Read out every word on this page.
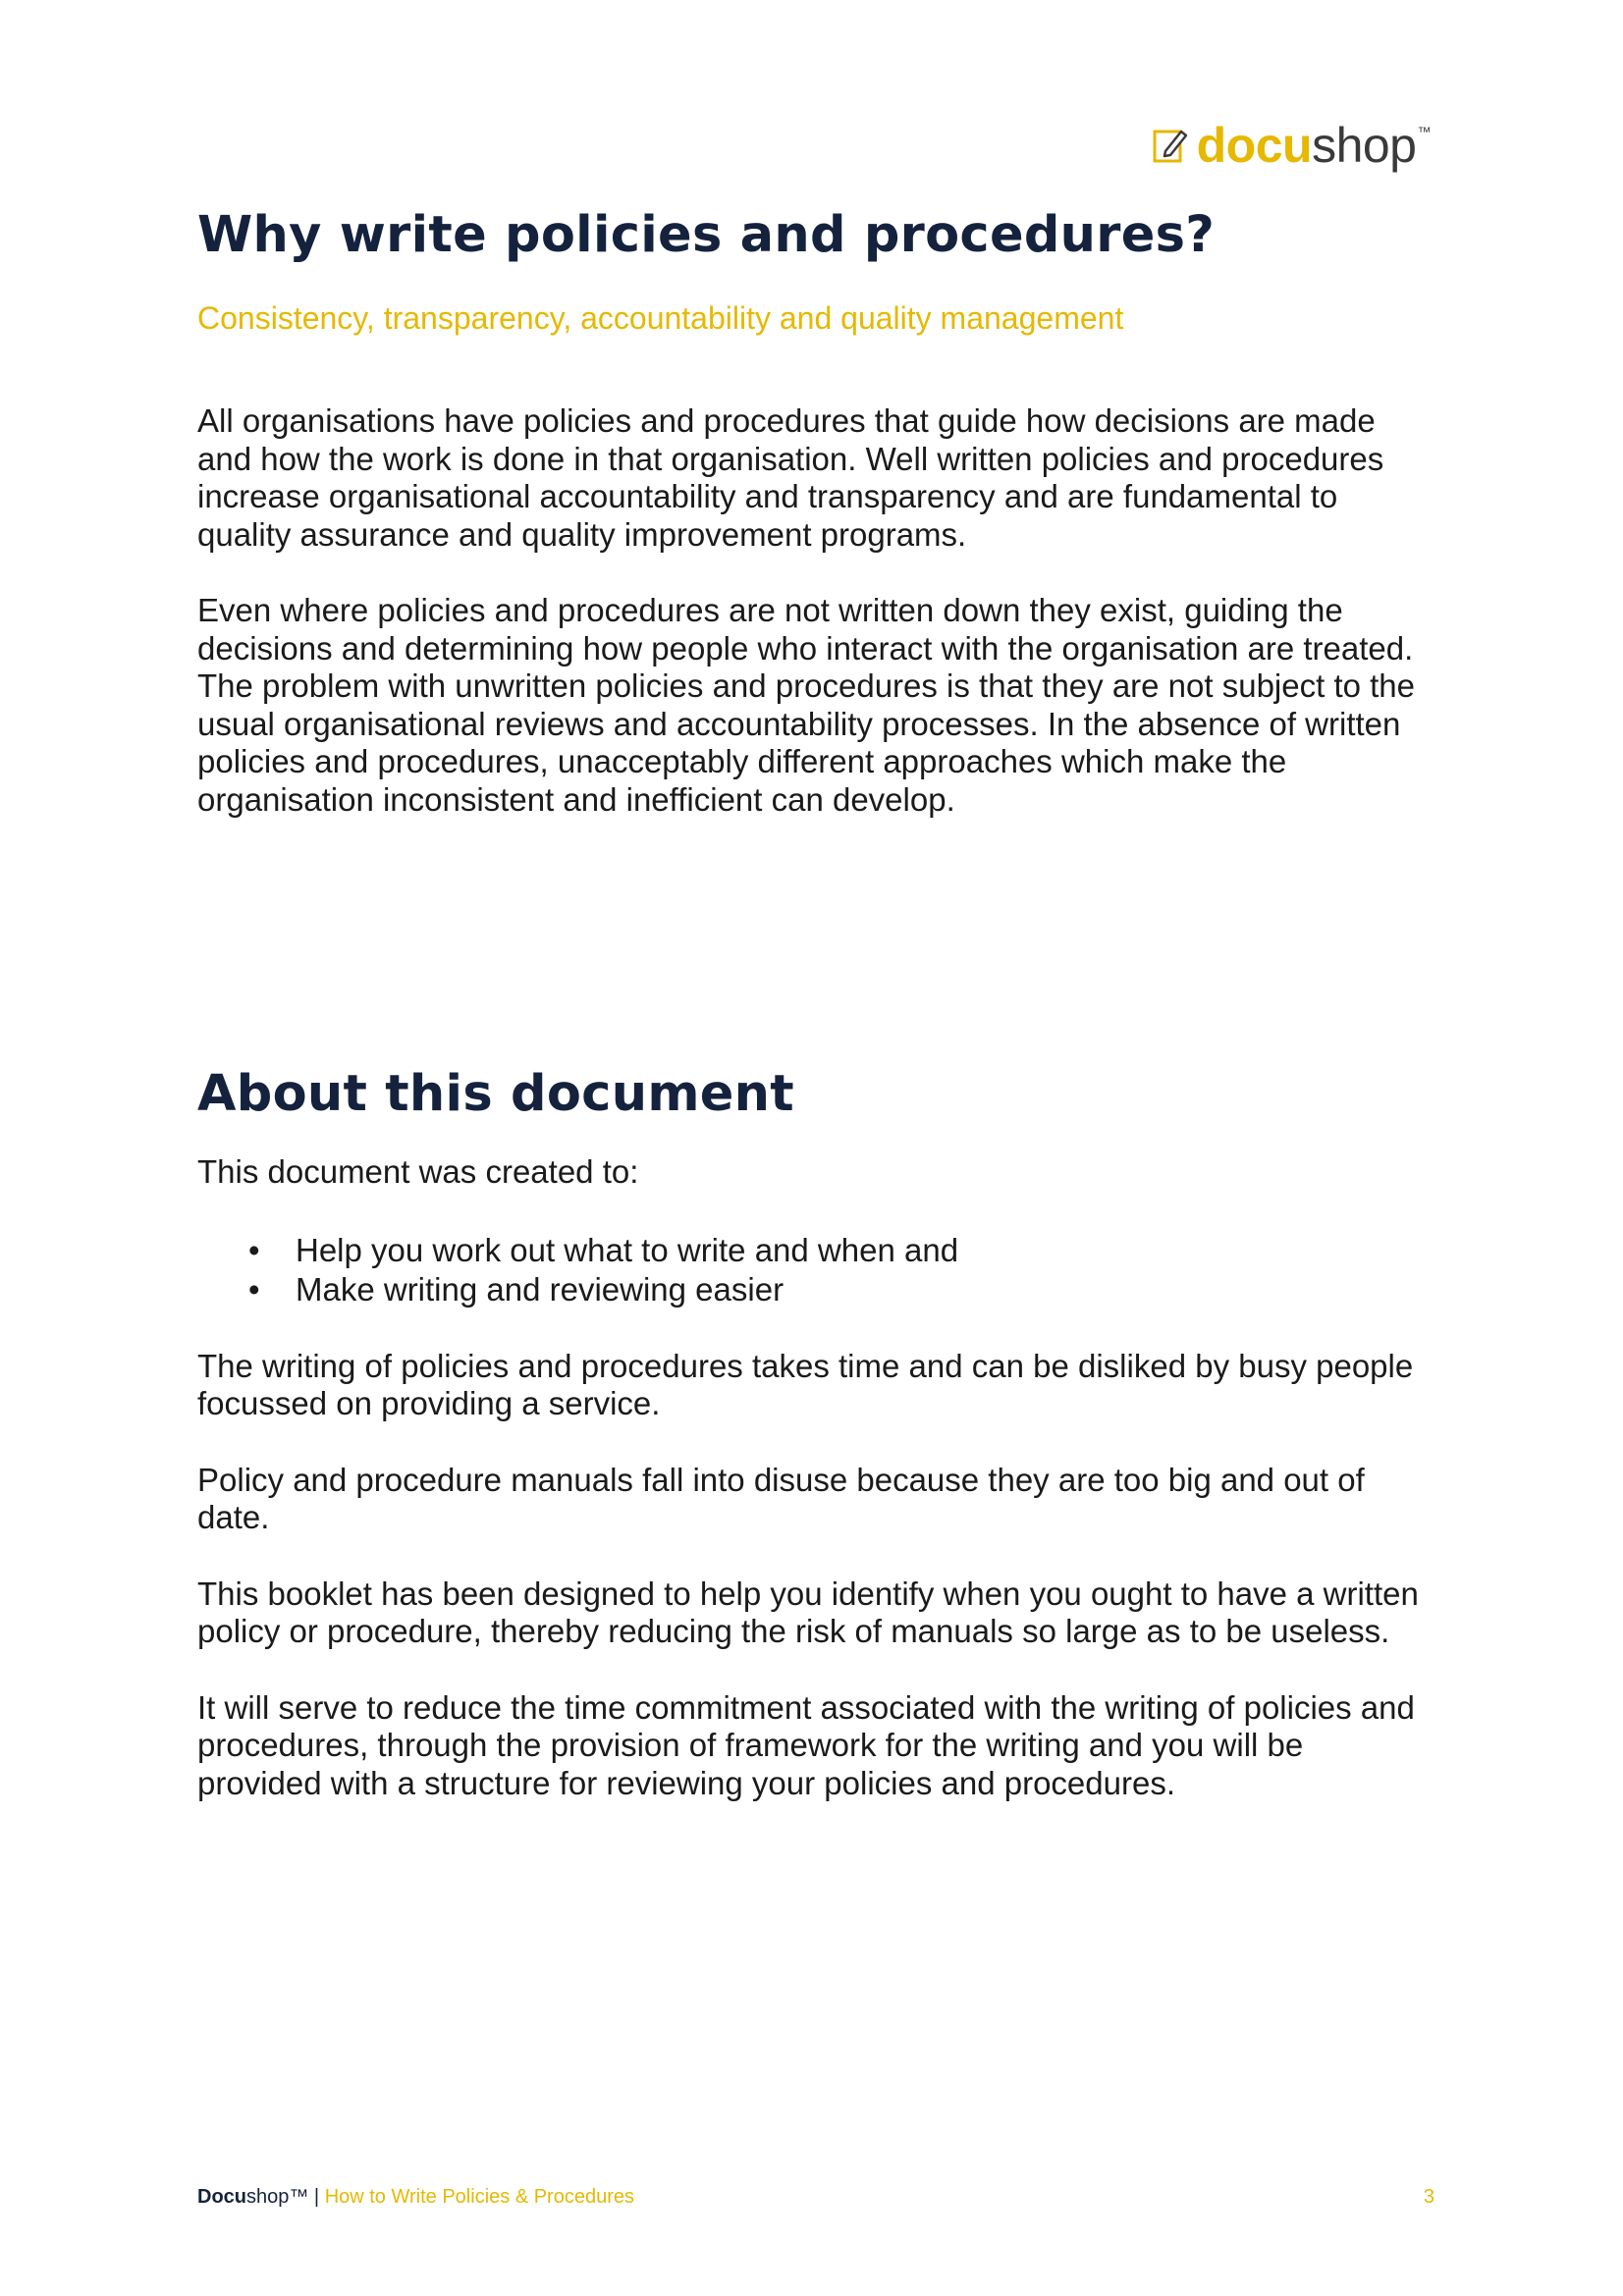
docushop™
Why write policies and procedures?
Consistency, transparency, accountability and quality management

All organisations have policies and procedures that guide how decisions are made and how the work is done in that organisation. Well written policies and procedures increase organisational accountability and transparency and are fundamental to quality assurance and quality improvement programs.

Even where policies and procedures are not written down they exist, guiding the decisions and determining how people who interact with the organisation are treated. The problem with unwritten policies and procedures is that they are not subject to the usual organisational reviews and accountability processes. In the absence of written policies and procedures, unacceptably different approaches which make the organisation inconsistent and inefficient can develop.

About this document

This document was created to:

• Help you work out what to write and when and
• Make writing and reviewing easier

The writing of policies and procedures takes time and can be disliked by busy people focussed on providing a service.

Policy and procedure manuals fall into disuse because they are too big and out of date.

This booklet has been designed to help you identify when you ought to have a written policy or procedure, thereby reducing the risk of manuals so large as to be useless.

It will serve to reduce the time commitment associated with the writing of policies and procedures, through the provision of framework for the writing and you will be provided with a structure for reviewing your policies and procedures.

Docushop™ | How to Write Policies & Procedures	3
